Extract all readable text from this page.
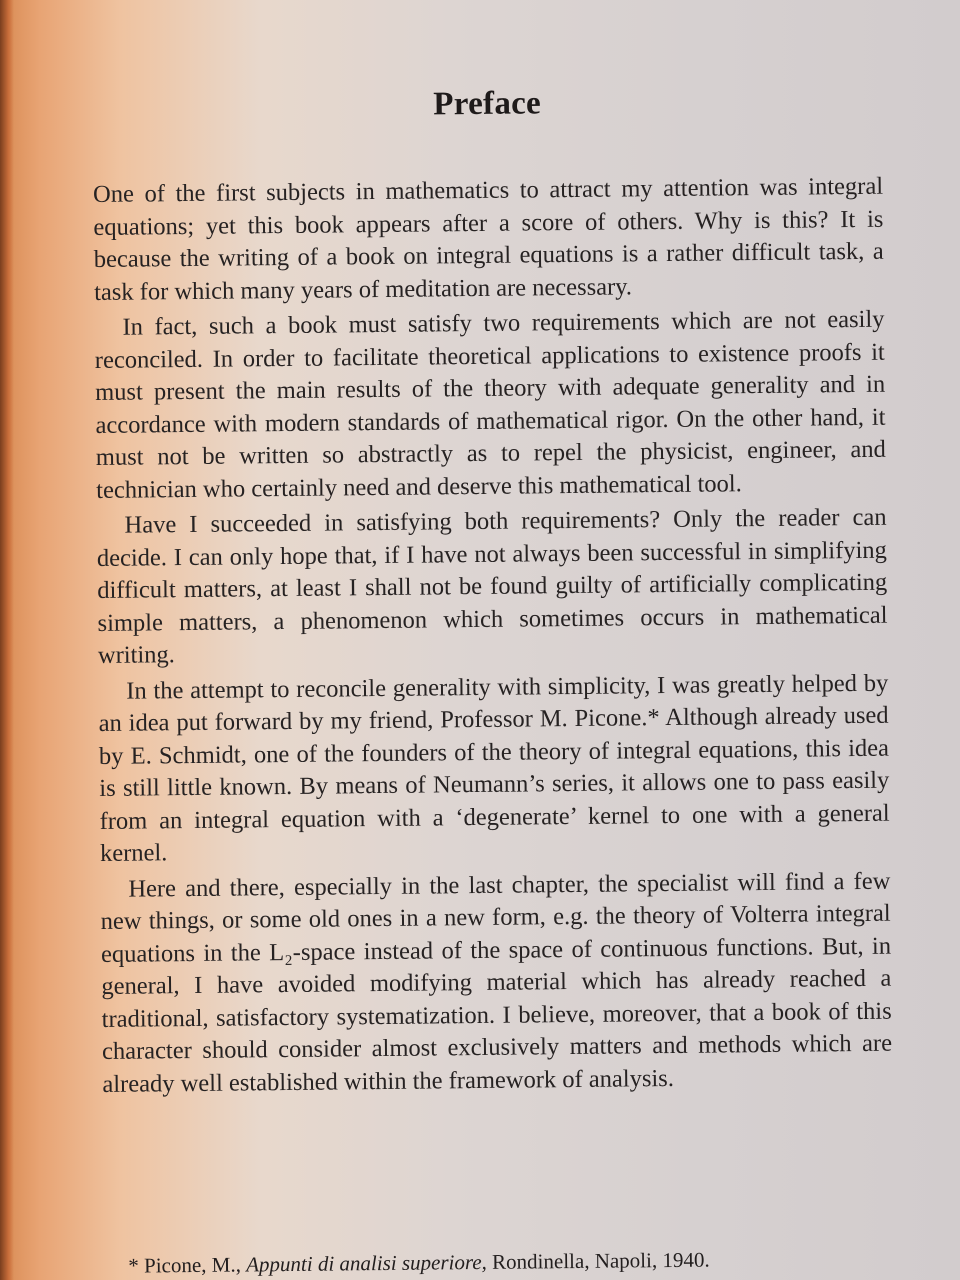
Preface

One of the first subjects in mathematics to attract my attention was integral equations; yet this book appears after a score of others. Why is this? It is because the writing of a book on integral equations is a rather difficult task, a task for which many years of meditation are necessary.

In fact, such a book must satisfy two requirements which are not easily reconciled. In order to facilitate theoretical applications to existence proofs it must present the main results of the theory with adequate generality and in accordance with modern standards of mathematical rigor. On the other hand, it must not be written so abstractly as to repel the physicist, engineer, and technician who certainly need and deserve this mathematical tool.

Have I succeeded in satisfying both requirements? Only the reader can decide. I can only hope that, if I have not always been successful in simplifying difficult matters, at least I shall not be found guilty of artificially complicating simple matters, a phenomenon which sometimes occurs in mathematical writing.

In the attempt to reconcile generality with simplicity, I was greatly helped by an idea put forward by my friend, Professor M. Picone.* Although already used by E. Schmidt, one of the founders of the theory of integral equations, this idea is still little known. By means of Neumann’s series, it allows one to pass easily from an integral equation with a ‘degenerate’ kernel to one with a general kernel.

Here and there, especially in the last chapter, the specialist will find a few new things, or some old ones in a new form, e.g. the theory of Volterra integral equations in the L₂-space instead of the space of continuous functions. But, in general, I have avoided modifying material which has already reached a traditional, satisfactory systematization. I believe, moreover, that a book of this character should consider almost exclusively matters and methods which are already well established within the framework of analysis.

* Picone, M., Appunti di analisi superiore, Rondinella, Napoli, 1940.
